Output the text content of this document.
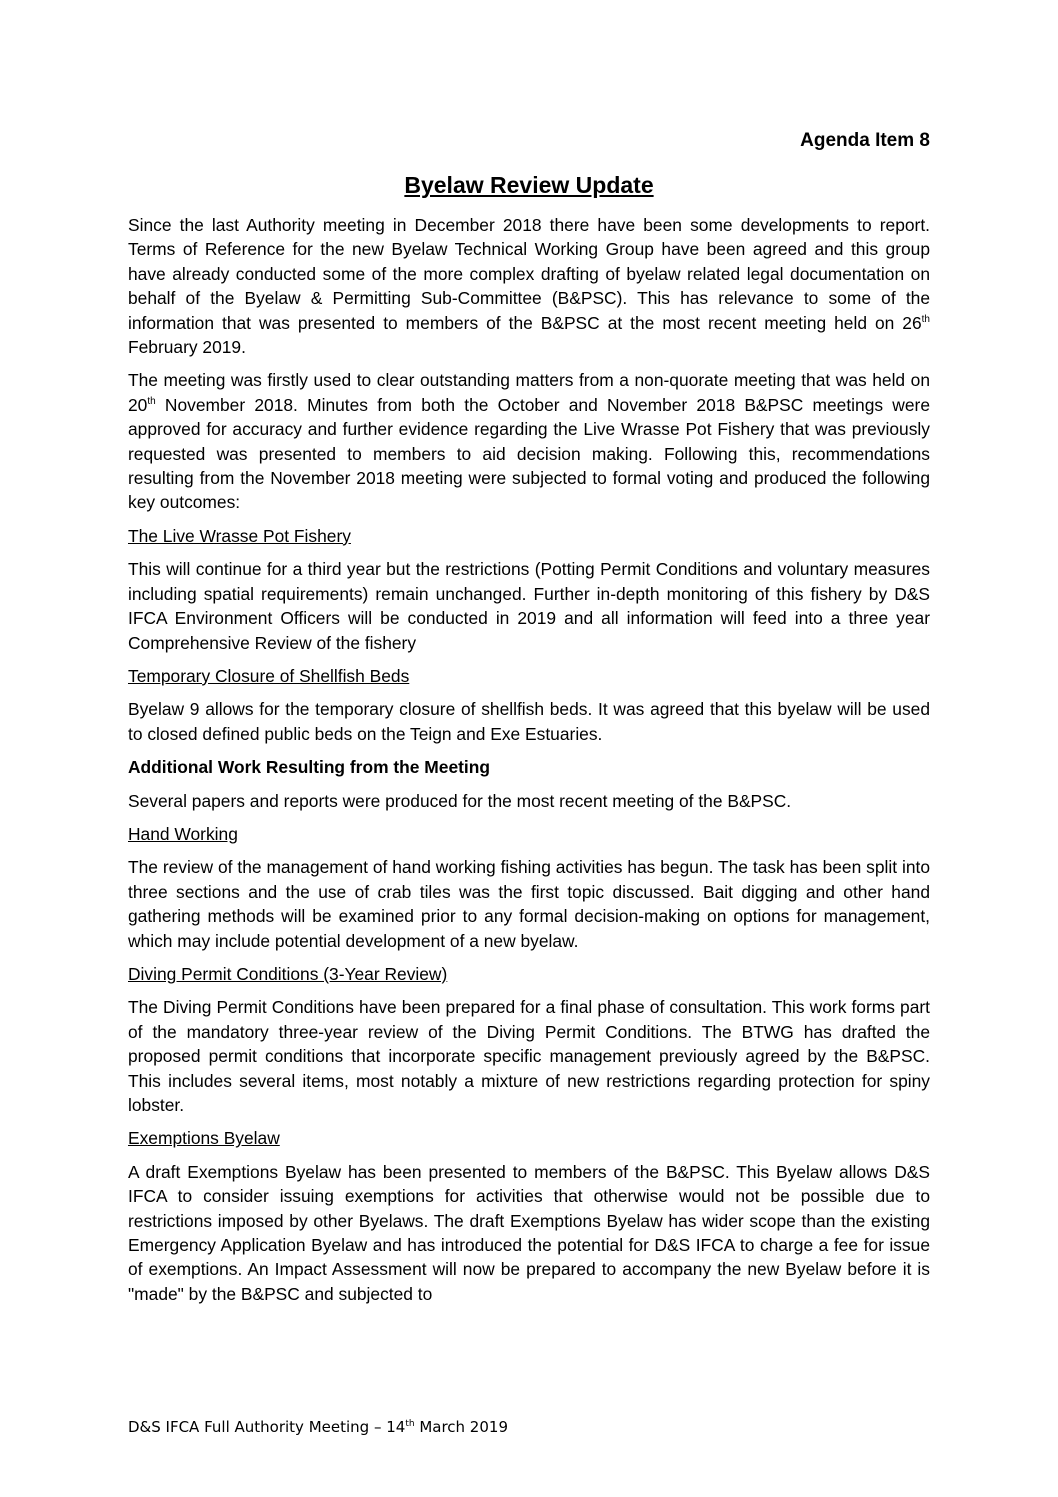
Agenda Item 8
Byelaw Review Update

Since the last Authority meeting in December 2018 there have been some developments to report. Terms of Reference for the new Byelaw Technical Working Group have been agreed and this group have already conducted some of the more complex drafting of byelaw related legal documentation on behalf of the Byelaw & Permitting Sub-Committee (B&PSC). This has relevance to some of the information that was presented to members of the B&PSC at the most recent meeting held on 26th February 2019.

The meeting was firstly used to clear outstanding matters from a non-quorate meeting that was held on 20th November 2018. Minutes from both the October and November 2018 B&PSC meetings were approved for accuracy and further evidence regarding the Live Wrasse Pot Fishery that was previously requested was presented to members to aid decision making. Following this, recommendations resulting from the November 2018 meeting were subjected to formal voting and produced the following key outcomes:

The Live Wrasse Pot Fishery

This will continue for a third year but the restrictions (Potting Permit Conditions and voluntary measures including spatial requirements) remain unchanged. Further in-depth monitoring of this fishery by D&S IFCA Environment Officers will be conducted in 2019 and all information will feed into a three year Comprehensive Review of the fishery

Temporary Closure of Shellfish Beds

Byelaw 9 allows for the temporary closure of shellfish beds. It was agreed that this byelaw will be used to closed defined public beds on the Teign and Exe Estuaries.

Additional Work Resulting from the Meeting

Several papers and reports were produced for the most recent meeting of the B&PSC.

Hand Working

The review of the management of hand working fishing activities has begun. The task has been split into three sections and the use of crab tiles was the first topic discussed. Bait digging and other hand gathering methods will be examined prior to any formal decision-making on options for management, which may include potential development of a new byelaw.

Diving Permit Conditions (3-Year Review)

The Diving Permit Conditions have been prepared for a final phase of consultation. This work forms part of the mandatory three-year review of the Diving Permit Conditions. The BTWG has drafted the proposed permit conditions that incorporate specific management previously agreed by the B&PSC. This includes several items, most notably a mixture of new restrictions regarding protection for spiny lobster.

Exemptions Byelaw

A draft Exemptions Byelaw has been presented to members of the B&PSC. This Byelaw allows D&S IFCA to consider issuing exemptions for activities that otherwise would not be possible due to restrictions imposed by other Byelaws. The draft Exemptions Byelaw has wider scope than the existing Emergency Application Byelaw and has introduced the potential for D&S IFCA to charge a fee for issue of exemptions. An Impact Assessment will now be prepared to accompany the new Byelaw before it is "made" by the B&PSC and subjected to

D&S IFCA Full Authority Meeting – 14th March 2019
